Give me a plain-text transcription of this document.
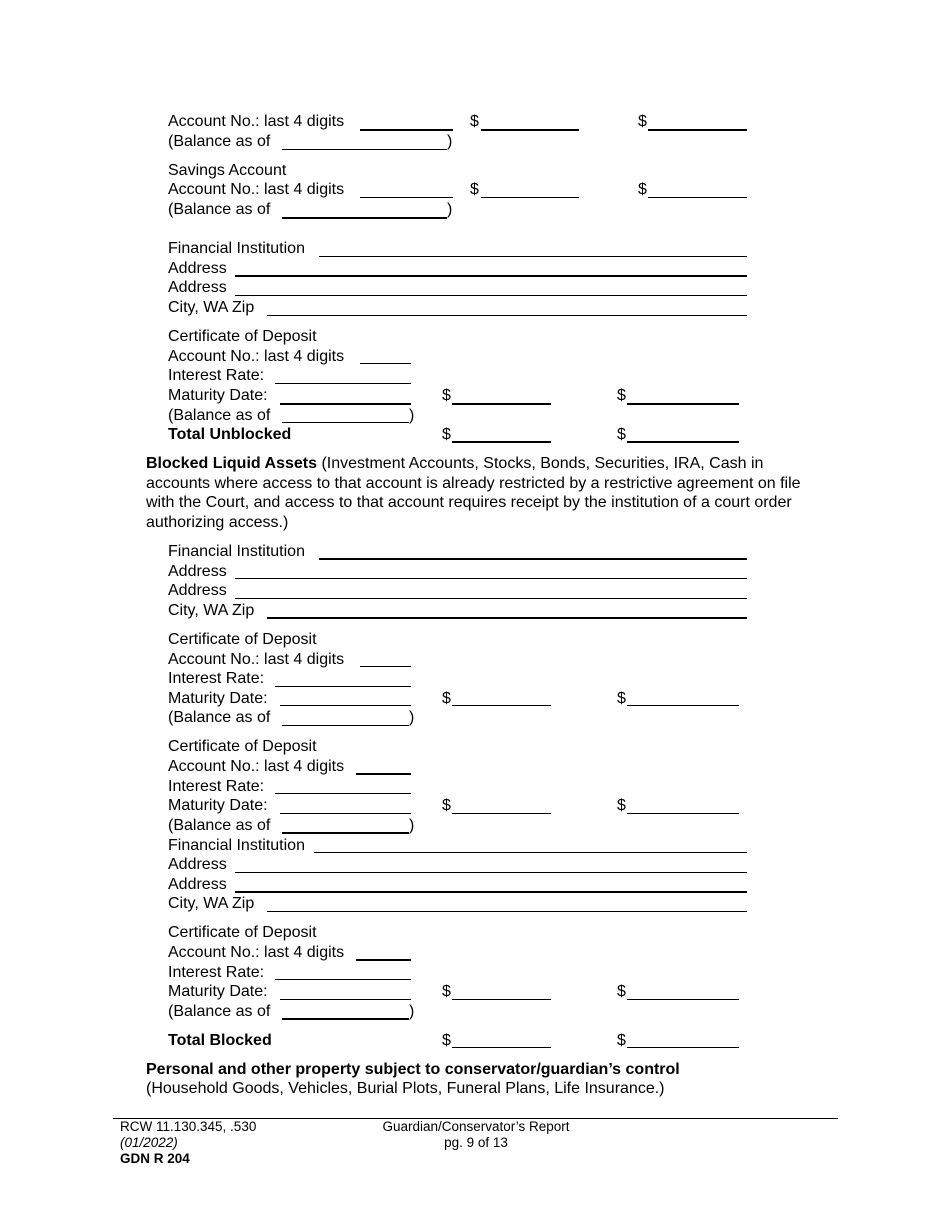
Account No.: last 4 digits	$	$
(Balance as of	)
Savings Account
Account No.: last 4 digits	$	$
(Balance as of	)
Financial Institution
Address
Address
City, WA Zip
Certificate of Deposit
Account No.: last 4 digits
Interest Rate:
Maturity Date:	$	$
(Balance as of	)
Total Unblocked	$	$
Blocked Liquid Assets (Investment Accounts, Stocks, Bonds, Securities, IRA, Cash in accounts where access to that account is already restricted by a restrictive agreement on file with the Court, and access to that account requires receipt by the institution of a court order authorizing access.)
Financial Institution
Address
Address
City, WA Zip
Certificate of Deposit
Account No.: last 4 digits
Interest Rate:
Maturity Date:	$	$
(Balance as of	)
Certificate of Deposit
Account No.: last 4 digits
Interest Rate:
Maturity Date:	$	$
(Balance as of	)
Financial Institution
Address
Address
City, WA Zip
Certificate of Deposit
Account No.: last 4 digits
Interest Rate:
Maturity Date:	$	$
(Balance as of	)
Total Blocked	$	$
Personal and other property subject to conservator/guardian’s control
(Household Goods, Vehicles, Burial Plots, Funeral Plans, Life Insurance.)
RCW 11.130.345, .530
(01/2022)
GDN R 204
Guardian/Conservator’s Report
pg. 9 of 13
